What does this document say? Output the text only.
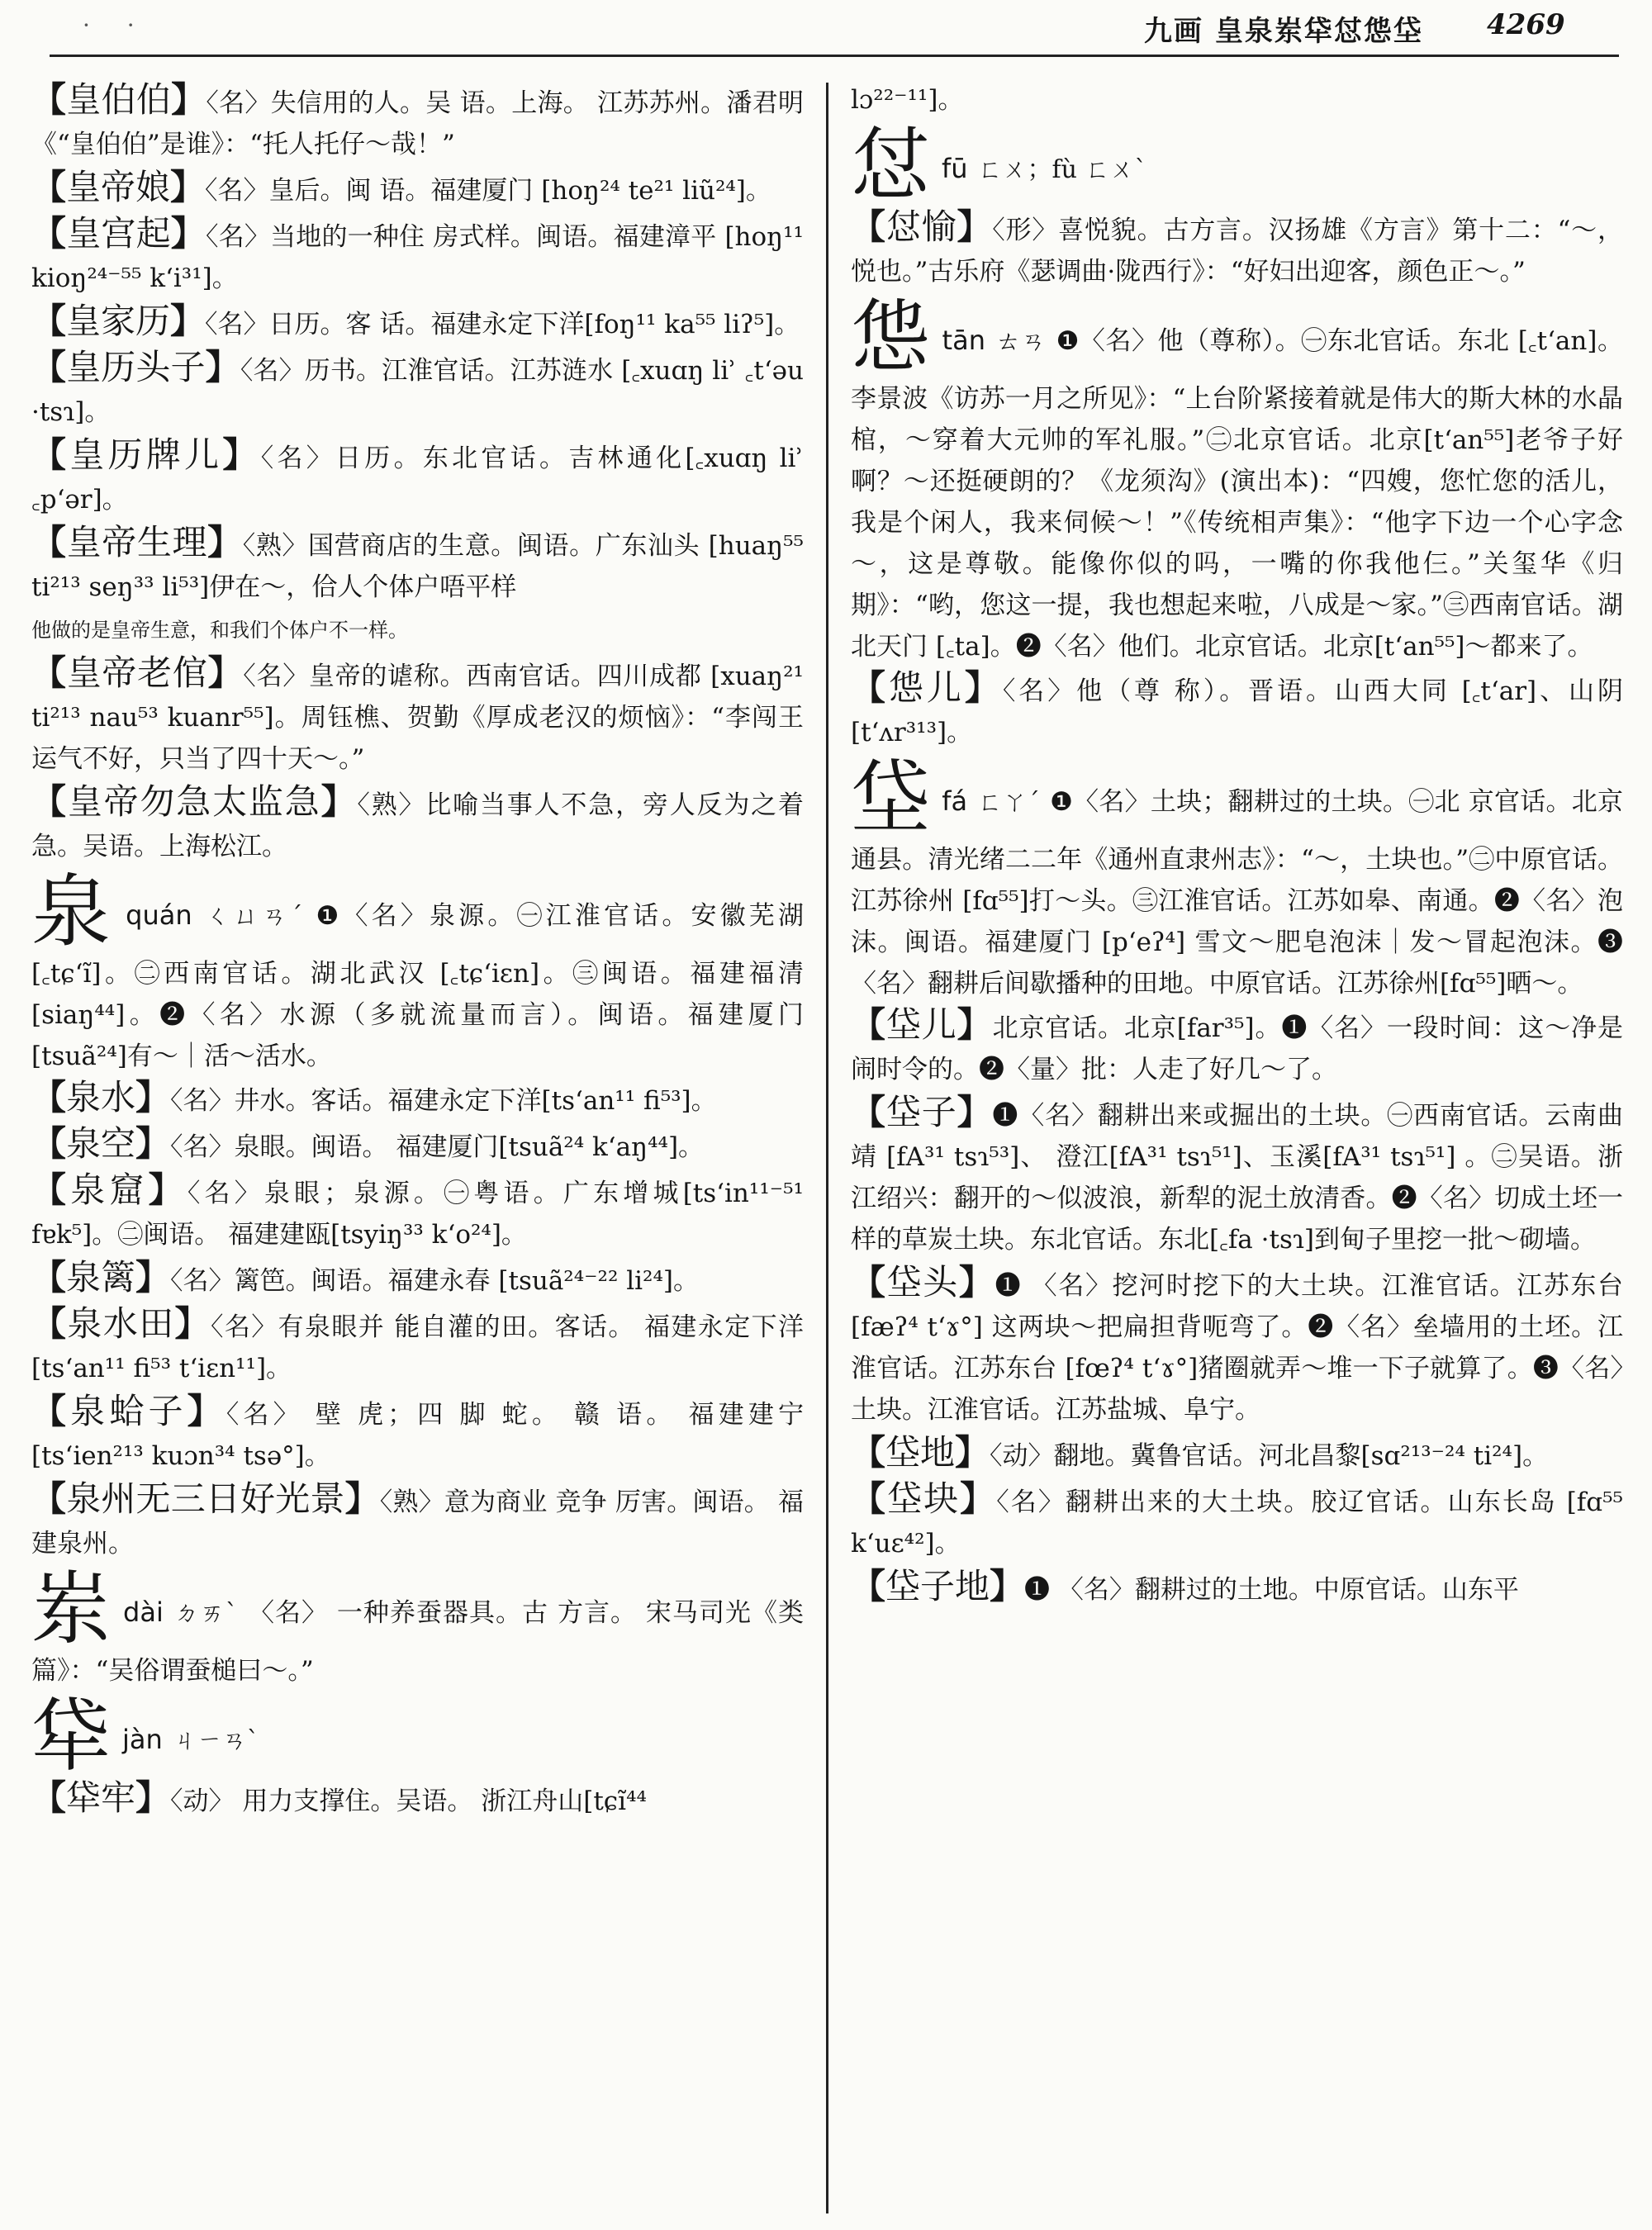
· ·	九画 皇泉岽牮怤怹垈 4269
【皇伯伯】〈名〉失信用的人。吴 语。上海。 江苏苏州。潘君明《“皇伯伯”是谁》：“托人托仔～哉！”
【皇帝娘】〈名〉皇后。闽 语。福建厦门 [hoŋ²⁴ te²¹ liũ²⁴]。
【皇宫起】〈名〉当地的一种住 房式样。闽语。福建漳平 [hoŋ¹¹ kioŋ²⁴⁻⁵⁵ kʻi³¹]。
【皇家历】〈名〉日历。客 话。福建永定下洋[foŋ¹¹ ka⁵⁵ liʔ⁵]。
【皇历头子】〈名〉历书。江淮官话。江苏涟水 [꜀xuɑŋ liʾ ꜀tʻəu ·tsɿ]。
【皇历牌儿】〈名〉日历。东北官话。吉林通化[꜀xuɑŋ liʾ ꜀pʻər]。
【皇帝生理】〈熟〉国营商店的生意。闽语。广东汕头 [huaŋ⁵⁵ ti²¹³ seŋ³³ li⁵³]伊在～，佮人个体户唔平样
他做的是皇帝生意，和我们个体户不一样。
【皇帝老倌】〈名〉皇帝的谑称。西南官话。四川成都 [xuaŋ²¹ ti²¹³ nau⁵³ kuanr⁵⁵]。周钰樵、贺勤《厚成老汉的烦恼》：“李闯王运气不好，只当了四十天～。”
【皇帝勿急太监急】〈熟〉比喻当事人不急，旁人反为之着急。吴语。上海松江。
泉quán ㄑㄩㄢˊ ❶〈名〉泉源。㊀江淮官话。安徽芜湖 [꜀tɕʻĩ]。㊁西南官话。湖北武汉 [꜀tɕʻiɛn]。㊂闽语。福建福清 [siaŋ⁴⁴]。❷〈名〉水源（多就流量而言）。闽语。福建厦门 [tsuã²⁴]有～｜活～活水。
【泉水】〈名〉井水。客话。福建永定下洋[tsʻan¹¹ fi⁵³]。
【泉空】〈名〉泉眼。闽语。 福建厦门[tsuã²⁴ kʻaŋ⁴⁴]。
【泉窟】〈名〉泉眼；泉源。㊀粤语。广东增城[tsʻin¹¹⁻⁵¹ fɐk⁵]。㊁闽语。 福建建瓯[tsyiŋ³³ kʻo²⁴]。
【泉篱】〈名〉篱笆。闽语。福建永春 [tsuã²⁴⁻²² li²⁴]。
【泉水田】〈名〉有泉眼并 能自灌的田。客话。 福建永定下洋[tsʻan¹¹ fi⁵³ tʻiɛn¹¹]。
【泉蛤子】〈名〉 壁 虎；四 脚 蛇。 赣 语。 福建建宁 [tsʻien²¹³ kuɔn³⁴ tsə°]。
【泉州无三日好光景】〈熟〉意为商业 竞争 厉害。闽语。 福建泉州。
岽dài ㄉㄞˋ 〈名〉 一种养蚕器具。古 方言。 宋马司光《类篇》：“吴俗谓蚕槌曰～。”
牮jàn ㄐㄧㄢˋ
【牮牢】〈动〉 用力支撑住。吴语。 浙江舟山[tɕĩ⁴⁴
lɔ²²⁻¹¹]。
怤fū ㄈㄨ；fù ㄈㄨˋ
【怤愉】〈形〉喜悦貌。古方言。汉扬雄《方言》第十二：“～，悦也。”古乐府《瑟调曲·陇西行》：“好妇出迎客，颜色正～。”
怹tān ㄊㄢ ❶〈名〉他（尊称）。㊀东北官话。东北 [꜀tʻan]。李景波《访苏一月之所见》：“上台阶紧接着就是伟大的斯大林的水晶棺，～穿着大元帅的军礼服。”㊁北京官话。北京[tʻan⁵⁵]老爷子好啊？～还挺硬朗的？《龙须沟》(演出本)：“四嫂，您忙您的活儿，我是个闲人，我来伺候～！”《传统相声集》：“他字下边一个心字念～，这是尊敬。能像你似的吗，一嘴的你我他仨。”关玺华《归期》：“哟，您这一提，我也想起来啦，八成是～家。”㊂西南官话。湖北天门 [꜀ta]。❷〈名〉他们。北京官话。北京[tʻan⁵⁵]～都来了。
【怹儿】〈名〉他（尊 称）。晋语。山西大同 [꜀tʻar]、山阴[tʻʌr³¹³]。
垈fá ㄈㄚˊ ❶〈名〉土块；翻耕过的土块。㊀北 京官话。北京通县。清光绪二二年《通州直隶州志》：“～，土块也。”㊁中原官话。江苏徐州 [fɑ⁵⁵]打～头。㊂江淮官话。江苏如皋、南通。❷〈名〉泡沫。闽语。福建厦门 [pʻeʔ⁴] 雪文～肥皂泡沫｜发～冒起泡沫。❸〈名〉翻耕后间歇播种的田地。中原官话。江苏徐州[fɑ⁵⁵]晒～。
【垈儿】北京官话。北京[far³⁵]。❶〈名〉一段时间：这～净是闹时令的。❷〈量〉批：人走了好几～了。
【垈子】❶〈名〉翻耕出来或掘出的土块。㊀西南官话。云南曲靖 [fA³¹ tsɿ⁵³]、 澄江[fA³¹ tsɿ⁵¹]、玉溪[fA³¹ tsɿ⁵¹] 。㊁吴语。浙江绍兴：翻开的～似波浪，新犁的泥土放清香。❷〈名〉切成土坯一样的草炭土块。东北官话。东北[꜀fa ·tsɿ]到甸子里挖一批～砌墙。
【垈头】❶ 〈名〉挖河时挖下的大土块。江淮官话。江苏东台[fæʔ⁴ tʻɤ°] 这两块～把扁担背呃弯了。❷〈名〉垒墙用的土坯。江淮官话。江苏东台 [fœʔ⁴ tʻɤ°]猪圈就弄～堆一下子就算了。❸〈名〉土块。江淮官话。江苏盐城、阜宁。
【垈地】〈动〉翻地。冀鲁官话。河北昌黎[sɑ²¹³⁻²⁴ ti²⁴]。
【垈块】〈名〉翻耕出来的大土块。胶辽官话。山东长岛 [fɑ⁵⁵ kʻuɛ⁴²]。
【垈子地】❶ 〈名〉翻耕过的土地。中原官话。山东平
